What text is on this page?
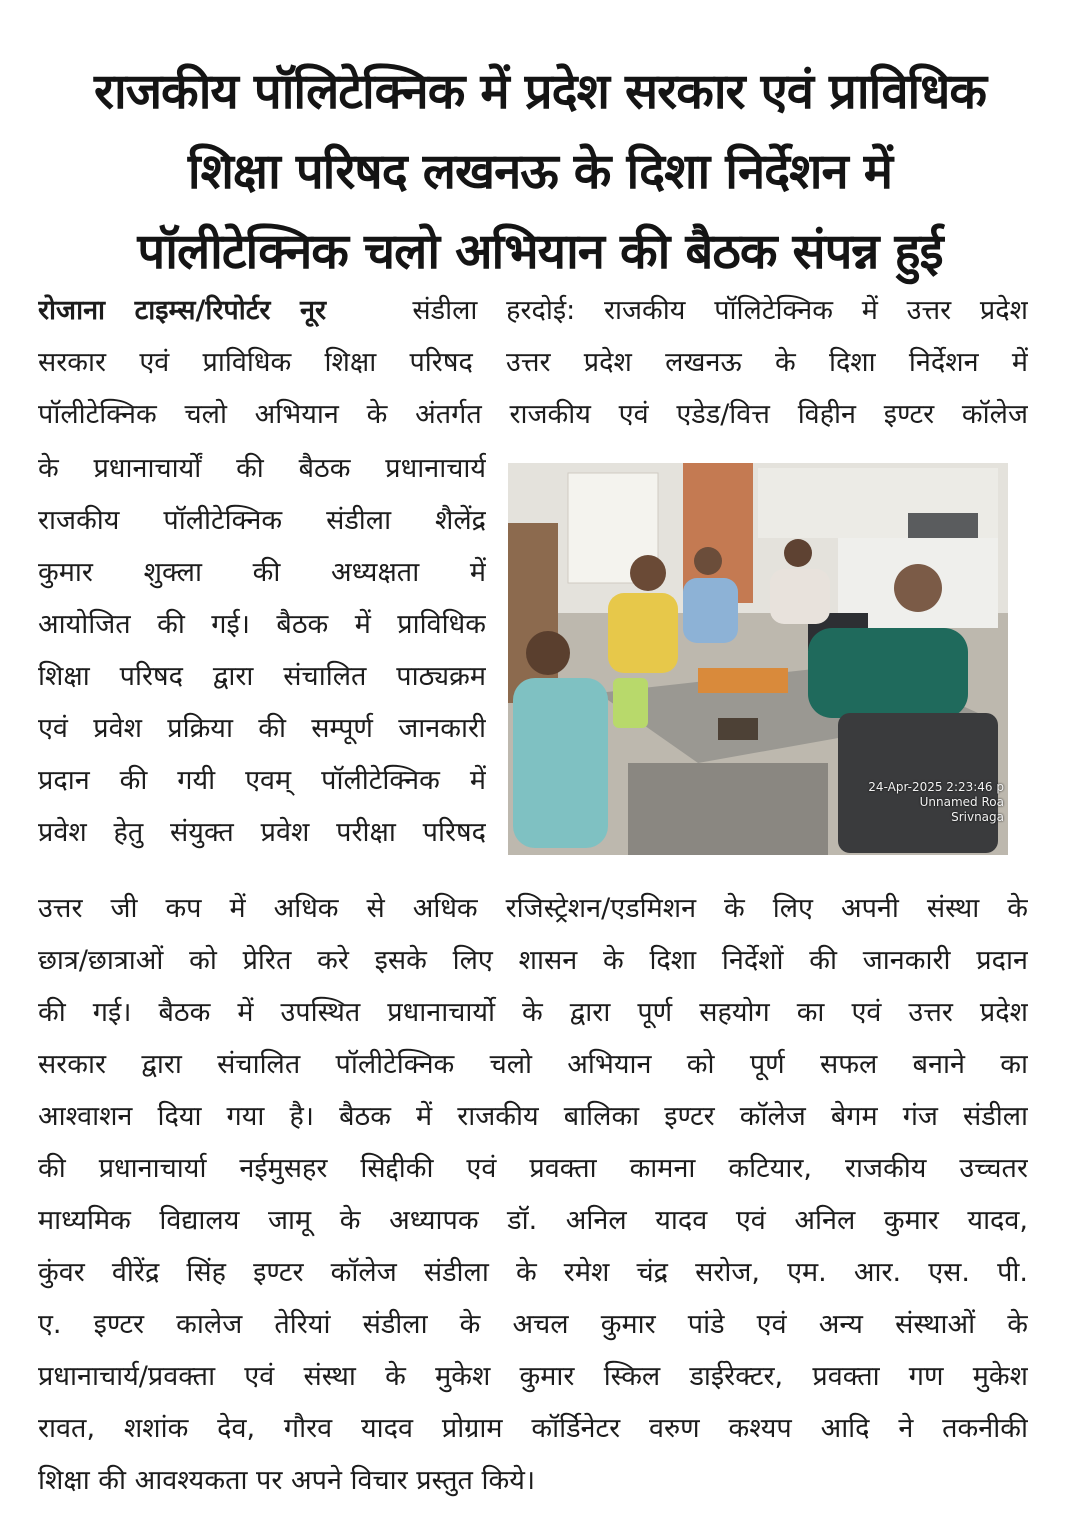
राजकीय पॉलिटेक्निक में प्रदेश सरकार एवं प्राविधिक
शिक्षा परिषद लखनऊ के दिशा निर्देशन में
पॉलीटेक्निक चलो अभियान की बैठक संपन्न हुई
रोजाना टाइम्स/रिपोर्टर नूर	संडीला हरदोई: राजकीय पॉलिटेक्निक में उत्तर प्रदेश
सरकार एवं प्राविधिक शिक्षा परिषद उत्तर प्रदेश लखनऊ के दिशा निर्देशन में
पॉलीटेक्निक चलो अभियान के अंतर्गत राजकीय एवं एडेड/वित्त विहीन इण्टर कॉलेज
के प्रधानाचार्यों की बैठक प्रधानाचार्य
राजकीय पॉलीटेक्निक संडीला शैलेंद्र
कुमार शुक्ला की अध्यक्षता में
आयोजित की गई। बैठक में प्राविधिक
शिक्षा परिषद द्वारा संचालित पाठ्यक्रम
एवं प्रवेश प्रक्रिया की सम्पूर्ण जानकारी
प्रदान की गयी एवम् पॉलीटेक्निक में
प्रवेश हेतु संयुक्त प्रवेश परीक्षा परिषद
24-Apr-2025 2:23:46 p
Unnamed Roa
Srivnaga
उत्तर जी कप में अधिक से अधिक रजिस्ट्रेशन/एडमिशन के लिए अपनी संस्था के
छात्र/छात्राओं को प्रेरित करे इसके लिए शासन के दिशा निर्देशों की जानकारी प्रदान
की गई। बैठक में उपस्थित प्रधानाचार्यो के द्वारा पूर्ण सहयोग का एवं उत्तर प्रदेश
सरकार द्वारा संचालित पॉलीटेक्निक चलो अभियान को पूर्ण सफल बनाने का
आश्वाशन दिया गया है। बैठक में राजकीय बालिका इण्टर कॉलेज बेगम गंज संडीला
की प्रधानाचार्या नईमुसहर सिद्दीकी एवं प्रवक्ता कामना कटियार, राजकीय उच्चतर
माध्यमिक विद्यालय जामू के अध्यापक डॉ. अनिल यादव एवं अनिल कुमार यादव,
कुंवर वीरेंद्र सिंह इण्टर कॉलेज संडीला के रमेश चंद्र सरोज, एम. आर. एस. पी.
ए. इण्टर कालेज तेरियां संडीला के अचल कुमार पांडे एवं अन्य संस्थाओं के
प्रधानाचार्य/प्रवक्ता एवं संस्था के मुकेश कुमार स्किल डाईरेक्टर, प्रवक्ता गण मुकेश
रावत, शशांक देव, गौरव यादव प्रोग्राम कॉर्डिनेटर वरुण कश्यप आदि ने तकनीकी
शिक्षा की आवश्यकता पर अपने विचार प्रस्तुत किये।
